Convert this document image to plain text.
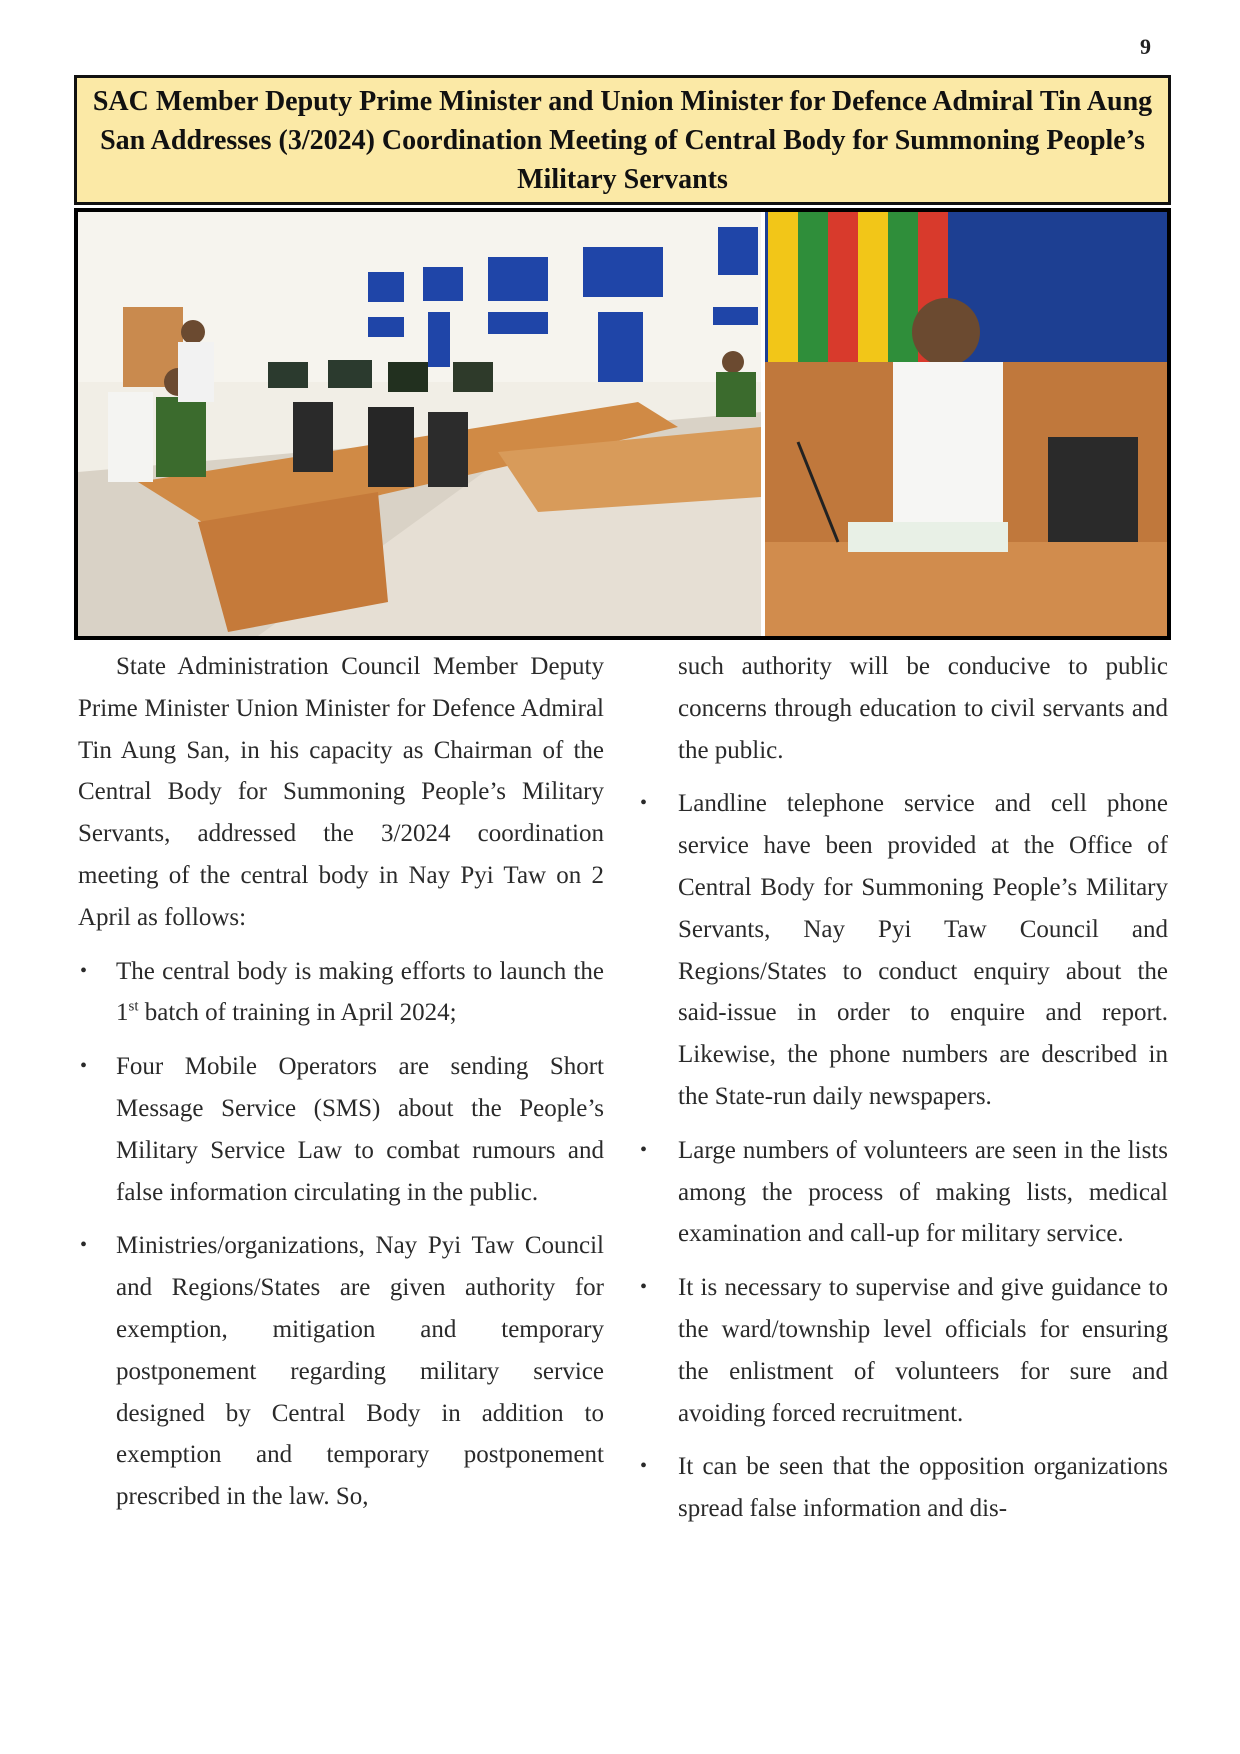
9
SAC Member Deputy Prime Minister and Union Minister for Defence Admiral Tin Aung San Addresses (3/2024) Coordination Meeting of Central Body for Summoning People’s Military Servants

State Administration Council Member Deputy Prime Minister Union Minister for Defence Admiral Tin Aung San, in his capacity as Chairman of the Central Body for Summoning People’s Military Servants, addressed the 3/2024 coordination meeting of the central body in Nay Pyi Taw on 2 April as follows:

• The central body is making efforts to launch the 1st batch of training in April 2024;
• Four Mobile Operators are sending Short Message Service (SMS) about the People’s Military Service Law to combat rumours and false information circulating in the public.
• Ministries/organizations, Nay Pyi Taw Council and Regions/States are given authority for exemption, mitigation and temporary postponement regarding military service designed by Central Body in addition to exemption and temporary postponement prescribed in the law. So,

such authority will be conducive to public concerns through education to civil servants and the public.

• Landline telephone service and cell phone service have been provided at the Office of Central Body for Summoning People’s Military Servants, Nay Pyi Taw Council and Regions/States to conduct enquiry about the said-issue in order to enquire and report. Likewise, the phone numbers are described in the State-run daily newspapers.
• Large numbers of volunteers are seen in the lists among the process of making lists, medical examination and call-up for military service.
• It is necessary to supervise and give guidance to the ward/township level officials for ensuring the enlistment of volunteers for sure and avoiding forced recruitment.
• It can be seen that the opposition organizations spread false information and dis-
